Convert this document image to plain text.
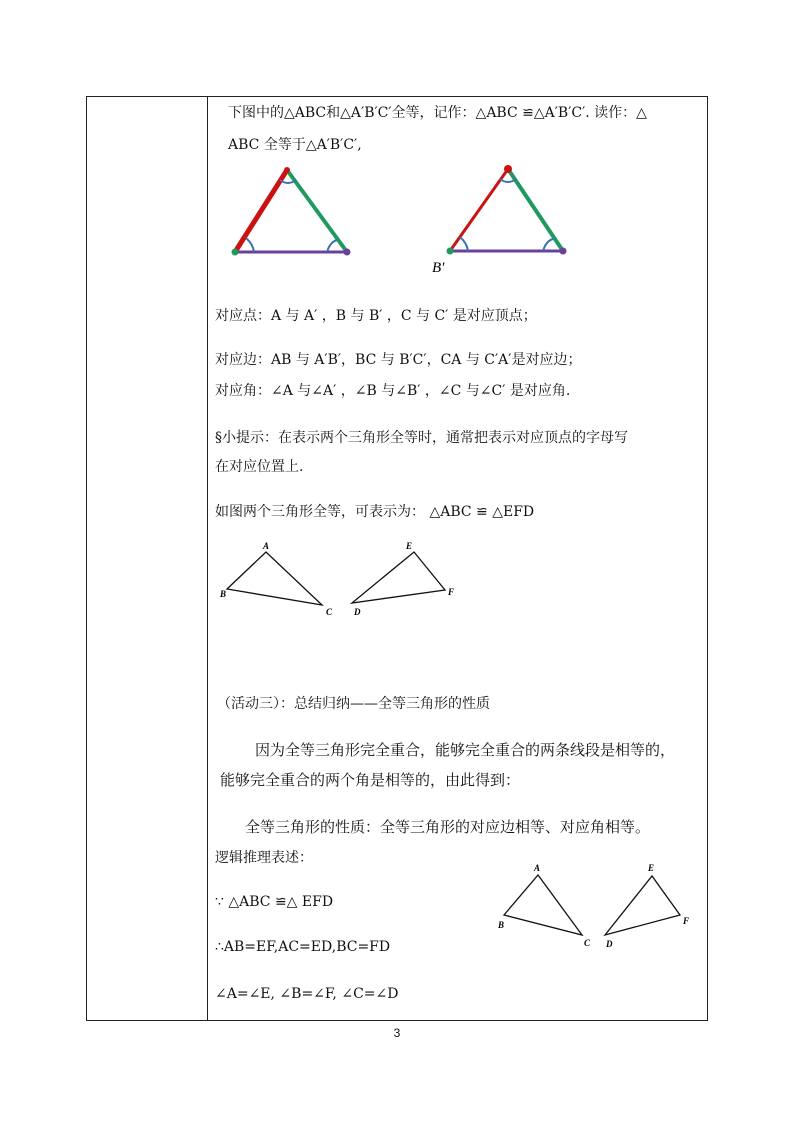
下图中的△ABC和△A′B′C′全等，记作：△ABC ≌△A′B′C′. 读作：△
ABC 全等于△A′B′C′,
B′
对应点：A 与 A′ ，B 与 B′ ，C 与 C′ 是对应顶点；
对应边：AB 与 A′B′，BC 与 B′C′，CA 与 C′A′是对应边；
对应角：∠A 与∠A′ ，∠B 与∠B′ ，∠C 与∠C′ 是对应角.
§小提示：在表示两个三角形全等时，通常把表示对应顶点的字母写
在对应位置上.
如图两个三角形全等，可表示为： △ABC ≌ △EFD
A
B
C
E
F
D
（活动三）：总结归纳——全等三角形的性质
因为全等三角形完全重合，能够完全重合的两条线段是相等的，
能够完全重合的两个角是相等的，由此得到：
全等三角形的性质：全等三角形的对应边相等、对应角相等。
逻辑推理表述：
∵ △ABC ≌△ EFD
∴AB=EF,AC=ED,BC=FD
∠A=∠E, ∠B=∠F, ∠C=∠D
A
B
C
E
F
D
3
